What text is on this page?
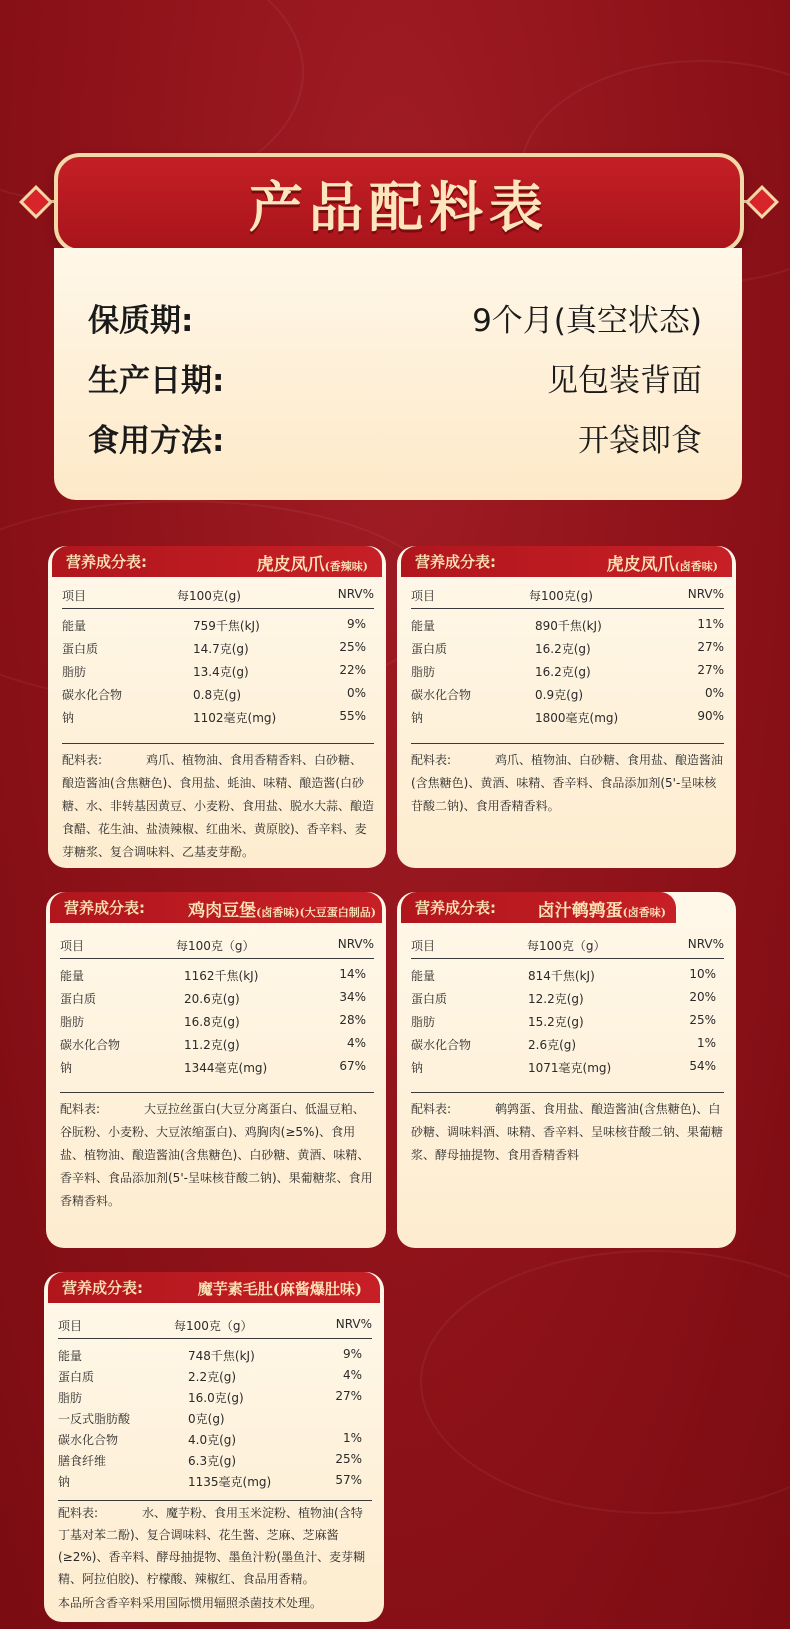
产品配料表
保质期:	9个月(真空状态)
生产日期:	见包装背面
食用方法:	开袋即食
营养成分表:	虎皮凤爪(香辣味)
项目	每100克(g)	NRV%
能量	759千焦(kJ)	9%
蛋白质	14.7克(g)	25%
脂肪	13.4克(g)	22%
碳水化合物	0.8克(g)	0%
钠	1102毫克(mg)	55%
配料表:	鸡爪、植物油、食用香精香料、白砂糖、酿造酱油(含焦糖色)、食用盐、蚝油、味精、酿造酱(白砂糖、水、非转基因黄豆、小麦粉、食用盐、脱水大蒜、酿造食醋、花生油、盐渍辣椒、红曲米、黄原胶)、香辛料、麦芽糖浆、复合调味料、乙基麦芽酚。
营养成分表:	虎皮凤爪(卤香味)
项目	每100克(g)	NRV%
能量	890千焦(kJ)	11%
蛋白质	16.2克(g)	27%
脂肪	16.2克(g)	27%
碳水化合物	0.9克(g)	0%
钠	1800毫克(mg)	90%
配料表:	鸡爪、植物油、白砂糖、食用盐、酿造酱油(含焦糖色)、黄酒、味精、香辛料、食品添加剂(5'-呈味核苷酸二钠)、食用香精香料。
营养成分表:	鸡肉豆堡(卤香味)(大豆蛋白制品)
项目	每100克（g）	NRV%
能量	1162千焦(kJ)	14%
蛋白质	20.6克(g)	34%
脂肪	16.8克(g)	28%
碳水化合物	11.2克(g)	4%
钠	1344毫克(mg)	67%
配料表:	大豆拉丝蛋白(大豆分离蛋白、低温豆粕、谷朊粉、小麦粉、大豆浓缩蛋白)、鸡胸肉(≥5%)、食用盐、植物油、酿造酱油(含焦糖色)、白砂糖、黄酒、味精、香辛料、食品添加剂(5'-呈味核苷酸二钠)、果葡糖浆、食用香精香料。
营养成分表: 卤汁鹌鹑蛋(卤香味)
项目	每100克（g）	NRV%
能量	814千焦(kJ)	10%
蛋白质	12.2克(g)	20%
脂肪	15.2克(g)	25%
碳水化合物	2.6克(g)	1%
钠	1071毫克(mg)	54%
配料表:	鹌鹑蛋、食用盐、酿造酱油(含焦糖色)、白砂糖、调味料酒、味精、香辛料、呈味核苷酸二钠、果葡糖浆、酵母抽提物、食用香精香料
营养成分表:	魔芋素毛肚(麻酱爆肚味)
项目	每100克（g）	NRV%
能量	748千焦(kJ)	9%
蛋白质	2.2克(g)	4%
脂肪	16.0克(g)	27%
一反式脂肪酸	0克(g)
碳水化合物	4.0克(g)	1%
膳食纤维	6.3克(g)	25%
钠	1135毫克(mg)	57%
配料表:	水、魔芋粉、食用玉米淀粉、植物油(含特丁基对苯二酚)、复合调味料、花生酱、芝麻、芝麻酱(≥2%)、香辛料、酵母抽提物、墨鱼汁粉(墨鱼汁、麦芽糊精、阿拉伯胶)、柠檬酸、辣椒红、食品用香精。
本品所含香辛料采用国际惯用辐照杀菌技术处理。
